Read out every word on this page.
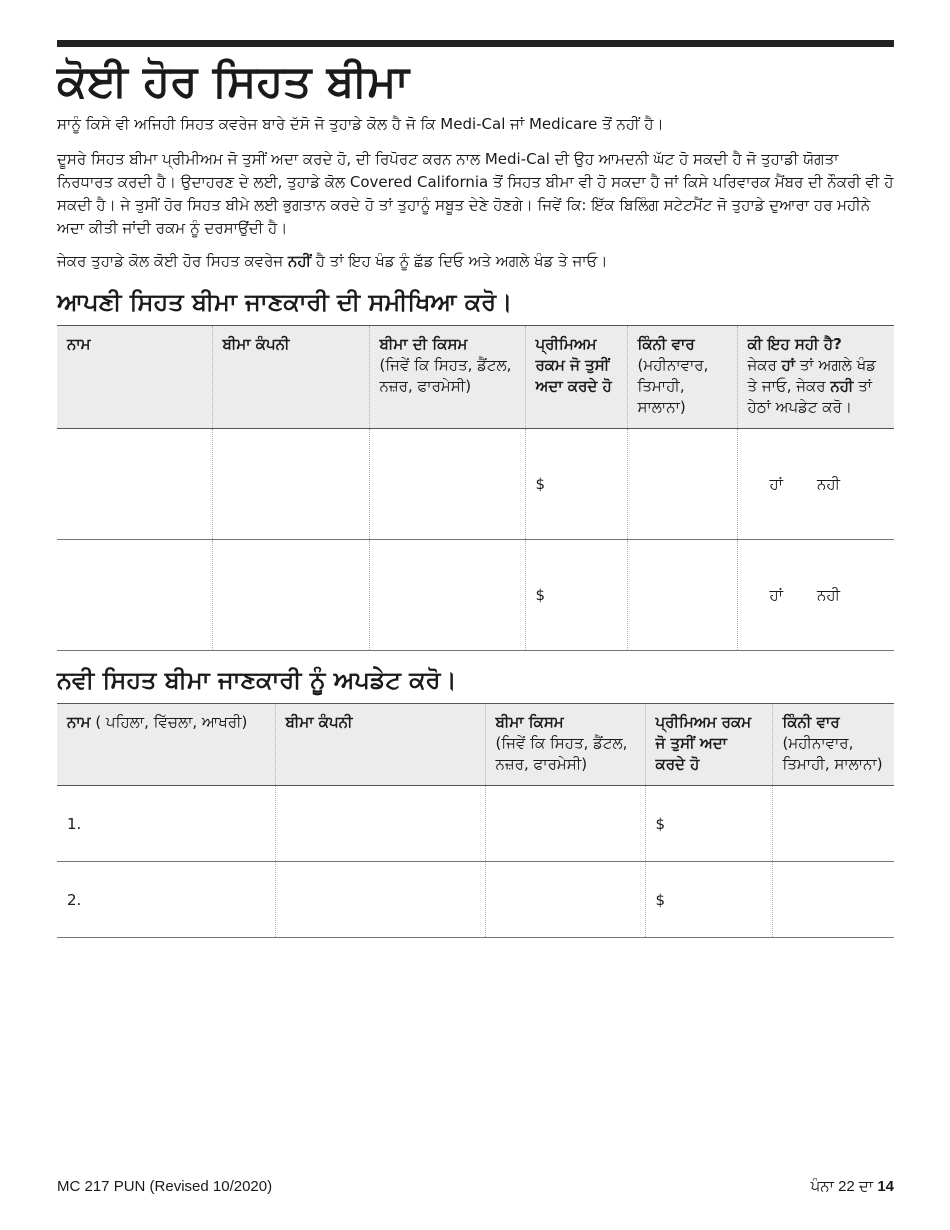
ਕੋਈ ਹੋਰ ਸਿਹਤ ਬੀਮਾ

ਸਾਨੂੰ ਕਿਸੇ ਵੀ ਅਜਿਹੀ ਸਿਹਤ ਕਵਰੇਜ ਬਾਰੇ ਦੱਸੋ ਜੋ ਤੁਹਾਡੇ ਕੋਲ ਹੈ ਜੋ ਕਿ Medi-Cal ਜਾਂ Medicare ਤੋਂ ਨਹੀਂ ਹੈ।

ਦੂਸਰੇ ਸਿਹਤ ਬੀਮਾ ਪ੍ਰੀਮੀਅਮ ਜੋ ਤੁਸੀਂ ਅਦਾ ਕਰਦੇ ਹੋ, ਦੀ ਰਿਪੋਰਟ ਕਰਨ ਨਾਲ Medi-Cal ਦੀ ਉਹ ਆਮਦਨੀ ਘੱਟ ਹੋ ਸਕਦੀ ਹੈ ਜੋ ਤੁਹਾਡੀ ਯੋਗਤਾ ਨਿਰਧਾਰਤ ਕਰਦੀ ਹੈ। ਉਦਾਹਰਣ ਦੇ ਲਈ, ਤੁਹਾਡੇ ਕੋਲ Covered California ਤੋਂ ਸਿਹਤ ਬੀਮਾ ਵੀ ਹੋ ਸਕਦਾ ਹੈ ਜਾਂ ਕਿਸੇ ਪਰਿਵਾਰਕ ਮੈਂਬਰ ਦੀ ਨੌਕਰੀ ਵੀ ਹੋ ਸਕਦੀ ਹੈ। ਜੇ ਤੁਸੀਂ ਹੋਰ ਸਿਹਤ ਬੀਮੇ ਲਈ ਭੁਗਤਾਨ ਕਰਦੇ ਹੋ ਤਾਂ ਤੁਹਾਨੂੰ ਸਬੂਤ ਦੇਣੇ ਹੋਣਗੇ। ਜਿਵੇਂ ਕਿ: ਇੱਕ ਬਿਲਿੰਗ ਸਟੇਟਮੈਂਟ ਜੋ ਤੁਹਾਡੇ ਦੁਆਰਾ ਹਰ ਮਹੀਨੇ ਅਦਾ ਕੀਤੀ ਜਾਂਦੀ ਰਕਮ ਨੂੰ ਦਰਸਾਉਂਦੀ ਹੈ।

ਜੇਕਰ ਤੁਹਾਡੇ ਕੋਲ ਕੋਈ ਹੋਰ ਸਿਹਤ ਕਵਰੇਜ ਨਹੀਂ ਹੈ ਤਾਂ ਇਹ ਖੰਡ ਨੂੰ ਛੱਡ ਦਿਓ ਅਤੇ ਅਗਲੇ ਖੰਡ ਤੇ ਜਾਓ।

ਆਪਣੀ ਸਿਹਤ ਬੀਮਾ ਜਾਣਕਾਰੀ ਦੀ ਸਮੀਖਿਆ ਕਰੋ।
ਨਾਮ	ਬੀਮਾ ਕੰਪਨੀ	ਬੀਮਾ ਦੀ ਕਿਸਮ
(ਜਿਵੇਂ ਕਿ ਸਿਹਤ, ਡੈਂਟਲ, ਨਜ਼ਰ, ਫਾਰਮੇਸੀ)	ਪ੍ਰੀਮਿਅਮ ਰਕਮ ਜੋ ਤੁਸੀਂ ਅਦਾ ਕਰਦੇ ਹੋ	ਕਿੰਨੀ ਵਾਰ
(ਮਹੀਨਾਵਾਰ, ਤਿਮਾਹੀ, ਸਾਲਾਨਾ)	ਕੀ ਇਹ ਸਹੀ ਹੈ?
ਜੇਕਰ ਹਾਂ ਤਾਂ ਅਗਲੇ ਖੰਡ ਤੇ ਜਾਓ, ਜੇਕਰ ਨਹੀ ਤਾਂ ਹੇਠਾਂ ਅਪਡੇਟ ਕਰੋ।
			$		ਹਾਂ ਨਹੀ

			$		ਹਾਂ ਨਹੀ
ਨਵੀ ਸਿਹਤ ਬੀਮਾ ਜਾਣਕਾਰੀ ਨੂੰ ਅਪਡੇਟ ਕਰੋ।
ਨਾਮ ( ਪਹਿਲਾ, ਵਿੱਚਲਾ, ਆਖਰੀ)	ਬੀਮਾ ਕੰਪਨੀ	ਬੀਮਾ ਕਿਸਮ
(ਜਿਵੇਂ ਕਿ ਸਿਹਤ, ਡੈਂਟਲ, ਨਜ਼ਰ, ਫਾਰਮੇਸੀ)	ਪ੍ਰੀਮਿਅਮ ਰਕਮ ਜੋ ਤੁਸੀਂ ਅਦਾ ਕਰਦੇ ਹੋ	ਕਿੰਨੀ ਵਾਰ
(ਮਹੀਨਾਵਾਰ, ਤਿਮਾਹੀ, ਸਾਲਾਨਾ)
1.			$	
2.			$	
MC 217 PUN (Revised 10/2020)	ਪੰਨਾ 22 ਦਾ 14
